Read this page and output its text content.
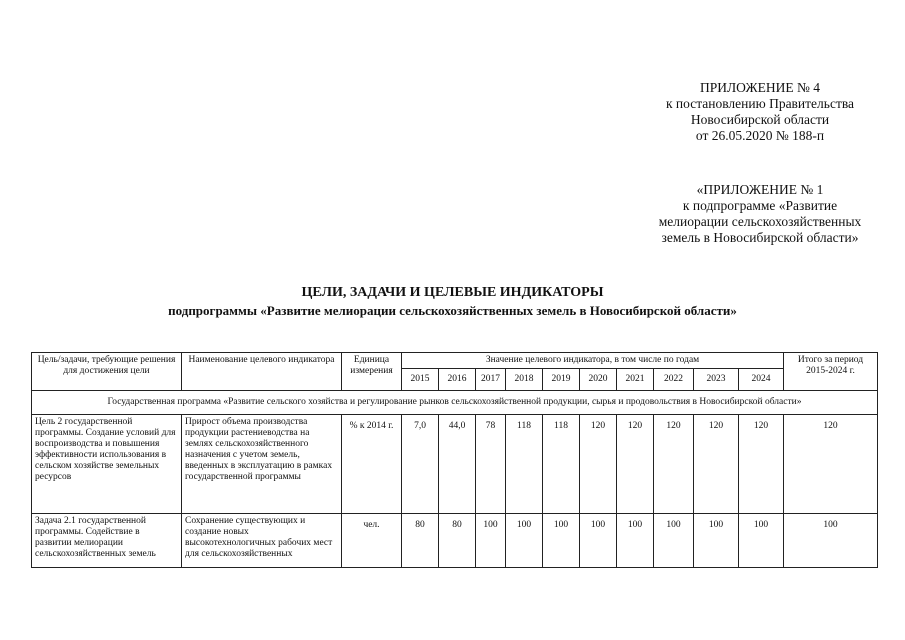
ПРИЛОЖЕНИЕ № 4
к постановлению Правительства
Новосибирской области
от 26.05.2020 № 188-п
«ПРИЛОЖЕНИЕ № 1
к подпрограмме «Развитие
мелиорации сельскохозяйственных
земель в Новосибирской области»
ЦЕЛИ, ЗАДАЧИ И ЦЕЛЕВЫЕ ИНДИКАТОРЫ
подпрограммы «Развитие мелиорации сельскохозяйственных земель в Новосибирской области»
Цель/задачи, требующие решения для достижения цели	Наименование целевого индикатора	Единица измерения	Значение целевого индикатора, в том числе по годам										Итого за период 2015-2024 г.
			2015	2016	2017	2018	2019	2020	2021	2022	2023	2024	
Государственная программа «Развитие сельского хозяйства и регулирование рынков сельскохозяйственной продукции, сырья и продовольствия в Новосибирской области»													
Цель 2 государственной программы. Создание условий для воспроизводства и повышения эффективности использования в сельском хозяйстве земельных ресурсов	Прирост объема производства продукции растениеводства на землях сельскохозяйственного назначения с учетом земель, введенных в эксплуатацию в рамках государственной программы	% к 2014 г.	7,0	44,0	78	118	118	120	120	120	120	120	120
Задача 2.1 государственной программы. Содействие в развитии мелиорации сельскохозяйственных земель	Сохранение существующих и создание новых высокотехнологичных рабочих мест для сельскохозяйственных	чел.	80	80	100	100	100	100	100	100	100	100	100
